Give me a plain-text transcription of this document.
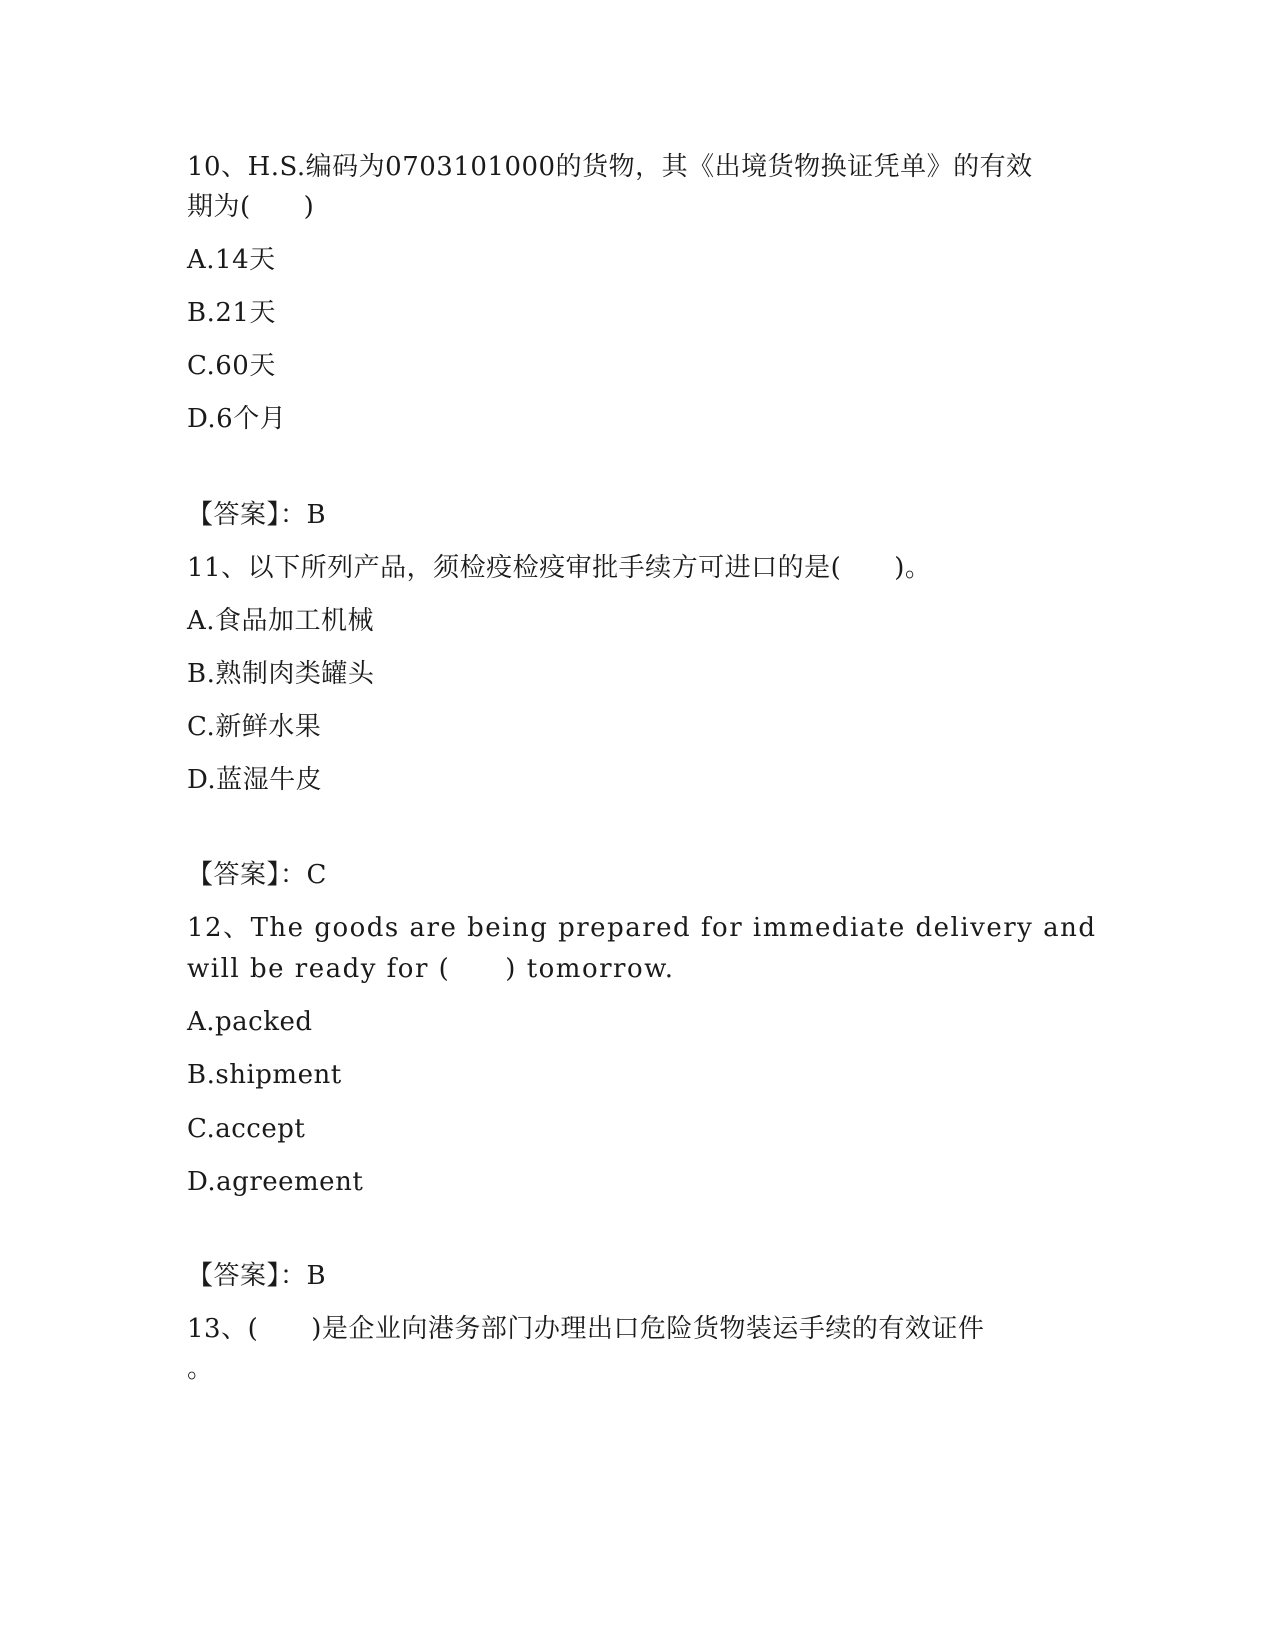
10、H.S.编码为0703101000的货物，其《出境货物换证凭单》的有效
期为(　　)
A.14天
B.21天
C.60天
D.6个月
【答案】：B
11、以下所列产品，须检疫检疫审批手续方可进口的是(　　)。
A.食品加工机械
B.熟制肉类罐头
C.新鲜水果
D.蓝湿牛皮
【答案】：C
12、The goods are being prepared for immediate delivery and
will be ready for (　　) tomorrow.
A.packed
B.shipment
C.accept
D.agreement
【答案】：B
13、(　　)是企业向港务部门办理出口危险货物装运手续的有效证件
。
